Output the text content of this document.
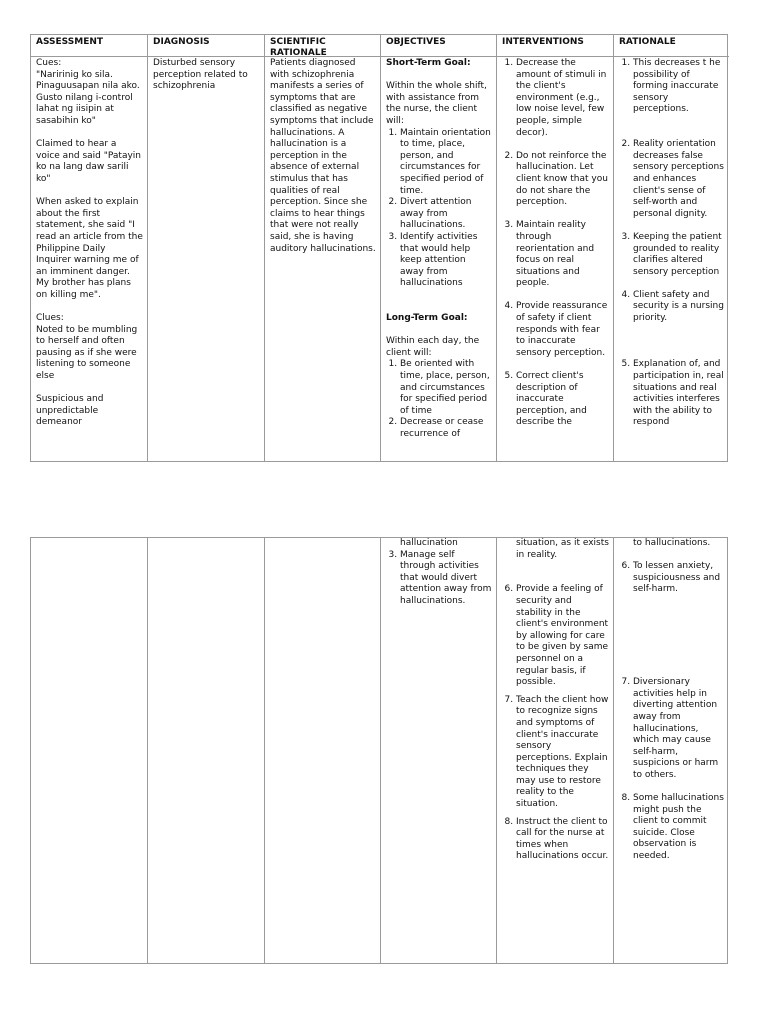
ASSESSMENT

Cues:

"Naririnig ko sila. Pinaguusapan nila ako. Gusto nilang i-control lahat ng iisipin at sasabihin ko"

Claimed to hear a voice and said "Patayin ko na lang daw sarili ko"

When asked to explain about the first statement, she said "I read an article from the Philippine Daily Inquirer warning me of an imminent danger. My brother has plans on killing me".

Clues:

Noted to be mumbling to herself and often pausing as if she were listening to someone else

Suspicious and unpredictable demeanor

DIAGNOSIS

Disturbed sensory perception related to schizophrenia

SCIENTIFIC RATIONALE

Patients diagnosed with schizophrenia manifests a series of symptoms that are classified as negative symptoms that include hallucinations. A hallucination is a perception in the absence of external stimulus that has qualities of real perception. Since she claims to hear things that were not really said, she is having auditory hallucinations.

OBJECTIVES

Short-Term Goal:

Within the whole shift, with assistance from the nurse, the client will:

1. Maintain orientation to time, place, person, and circumstances for specified period of time.
2. Divert attention away from hallucinations.
3. Identify activities that would help keep attention away from hallucinations

Long-Term Goal:

Within each day, the client will:

1. Be oriented with time, place, person, and circumstances for specified period of time
2. Decrease or cease recurrence of
INTERVENTIONS
1. Decrease the amount of stimuli in the client's environment (e.g., low noise level, few people, simple decor).
2. Do not reinforce the hallucination. Let client know that you do not share the perception.
3. Maintain reality through reorientation and focus on real situations and people.
4. Provide reassurance of safety if client responds with fear to inaccurate sensory perception.
5. Correct client's description of inaccurate perception, and describe the
RATIONALE
1. This decreases t he possibility of forming inaccurate sensory perceptions.
2. Reality orientation decreases false sensory perceptions and enhances client's sense of self-worth and personal dignity.
3. Keeping the patient grounded to reality clarifies altered sensory perception
4. Client safety and security is a nursing priority.
5. Explanation of, and participation in, real situations and real activities interferes with the ability to respond

hallucination

3. Manage self through activities that would divert attention away from hallucinations.

situation, as it exists in reality.

6. Provide a feeling of security and stability in the client's environment by allowing for care to be given by same personnel on a regular basis, if possible.
7. Teach the client how to recognize signs and symptoms of client's inaccurate sensory perceptions. Explain techniques they may use to restore reality to the situation.
8. Instruct the client to call for the nurse at times when hallucinations occur.

to hallucinations.

6. To lessen anxiety, suspiciousness and self-harm.
7. Diversionary activities help in diverting attention away from hallucinations, which may cause self-harm, suspicions or harm to others.
8. Some hallucinations might push the client to commit suicide. Close observation is needed.
